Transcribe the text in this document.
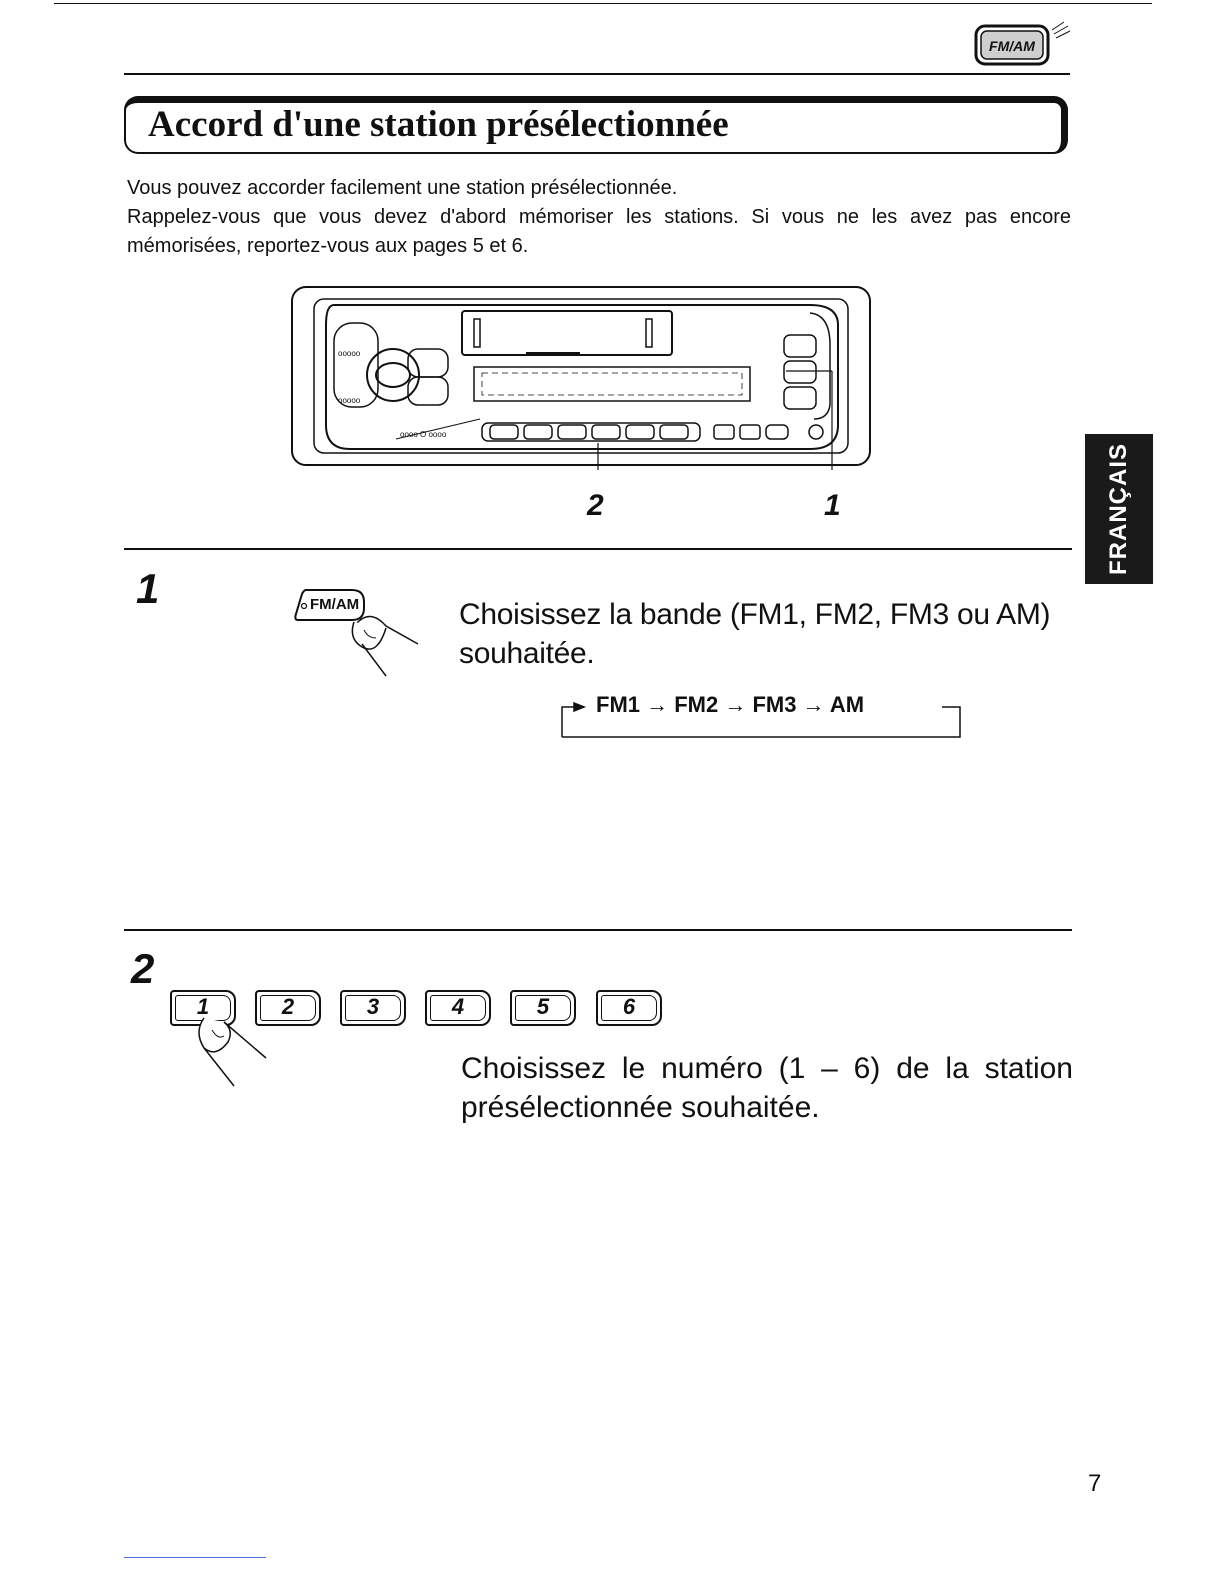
FM/AM
Accord d'une station présélectionnée

Vous pouvez accorder facilement une station présélectionnée.

Rappelez-vous que vous devez d'abord mémoriser les stations. Si vous ne les avez pas encore mémorisées, reportez-vous aux pages 5 et 6.

ooooo
ooooo
oooo O oooo
2	1	FRANÇAIS
1	FM/AM	Choisissez la bande (FM1, FM2, FM3 ou AM) souhaitée.
FM1 → FM2 → FM3 → AM
2
1	2	3	4	5	6
Choisissez le numéro (1 – 6) de la station présélectionnée souhaitée.
7
